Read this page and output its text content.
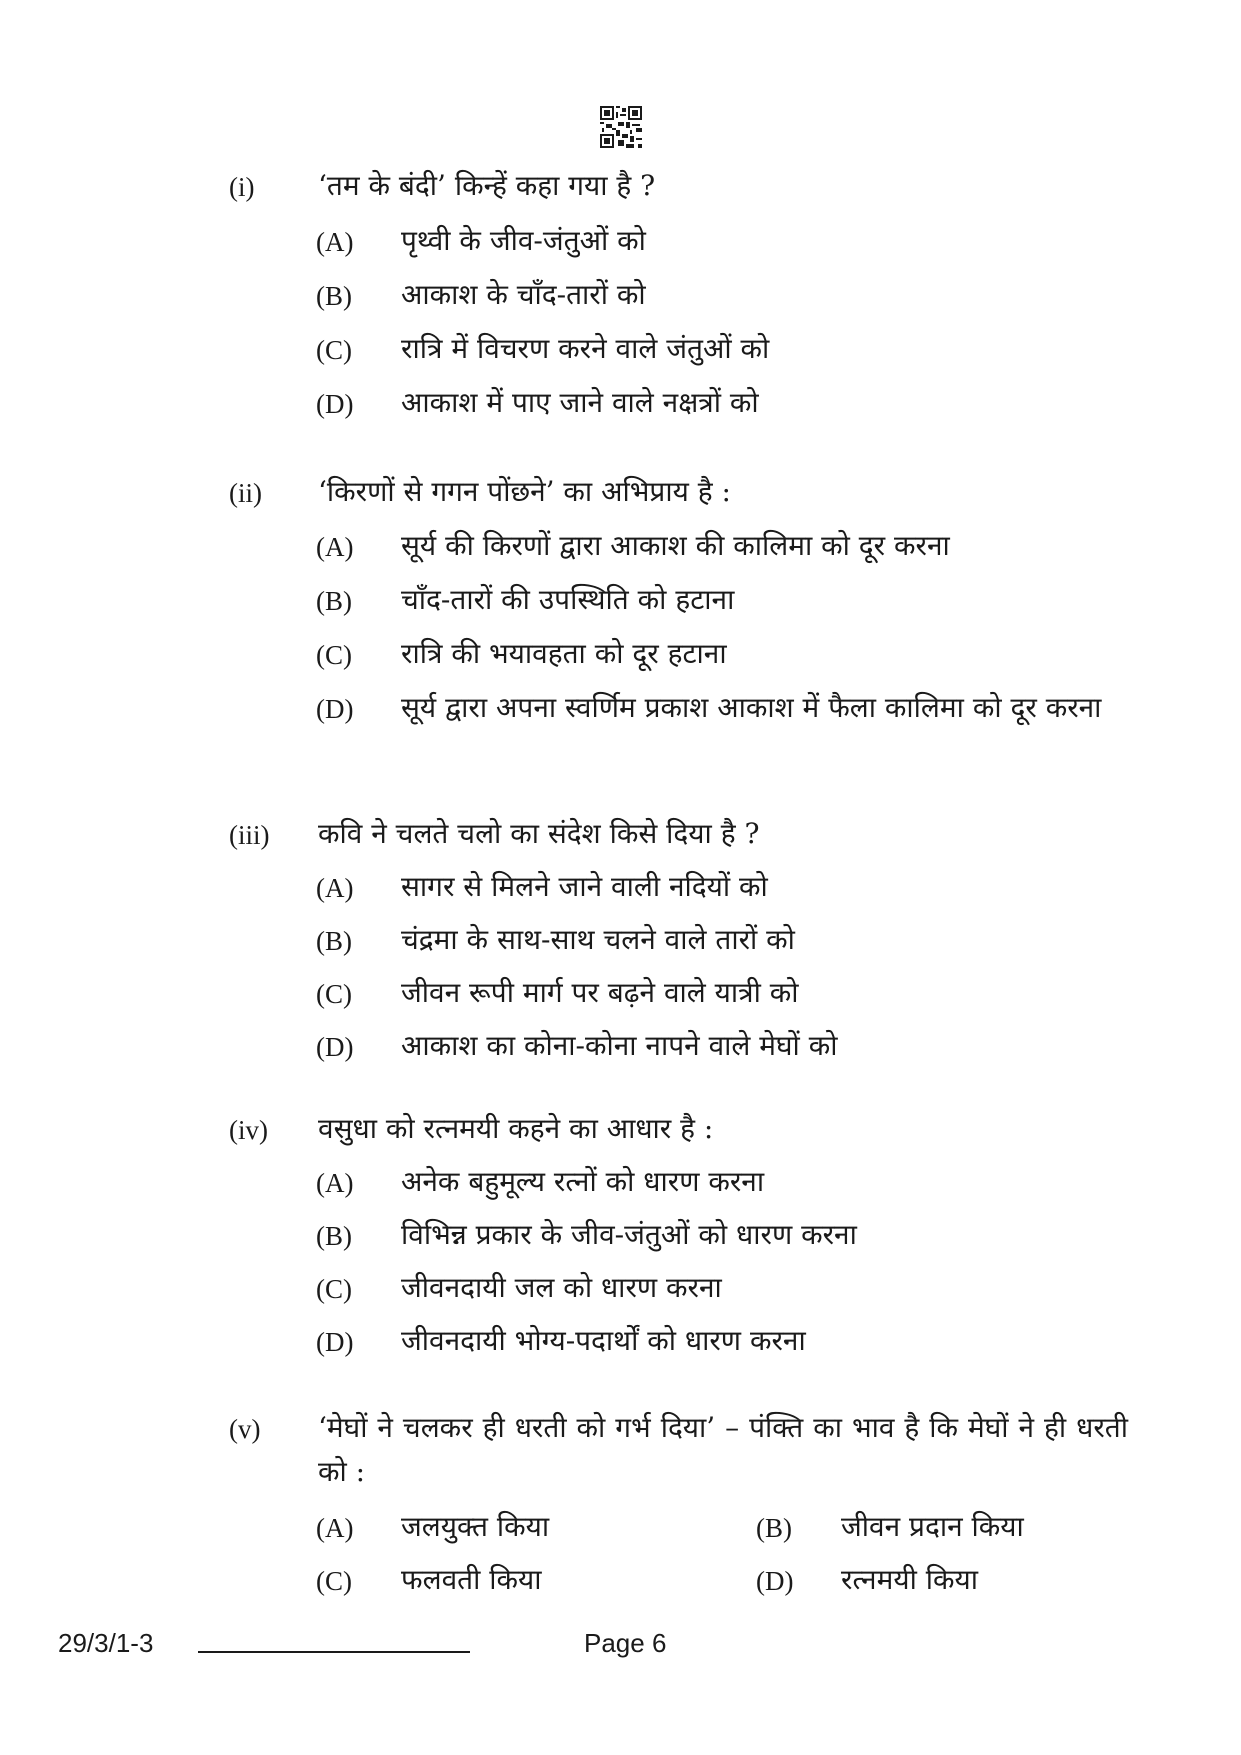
(i) ‘तम के बंदी’ किन्हें कहा गया है ?
(A) पृथ्वी के जीव-जंतुओं को
(B) आकाश के चाँद-तारों को
(C) रात्रि में विचरण करने वाले जंतुओं को
(D) आकाश में पाए जाने वाले नक्षत्रों को
(ii) ‘किरणों से गगन पोंछने’ का अभिप्राय है :
(A) सूर्य की किरणों द्वारा आकाश की कालिमा को दूर करना
(B) चाँद-तारों की उपस्थिति को हटाना
(C) रात्रि की भयावहता को दूर हटाना
(D) सूर्य द्वारा अपना स्वर्णिम प्रकाश आकाश में फैला कालिमा को दूर करना
(iii) कवि ने चलते चलो का संदेश किसे दिया है ?
(A) सागर से मिलने जाने वाली नदियों को
(B) चंद्रमा के साथ-साथ चलने वाले तारों को
(C) जीवन रूपी मार्ग पर बढ़ने वाले यात्री को
(D) आकाश का कोना-कोना नापने वाले मेघों को
(iv) वसुधा को रत्नमयी कहने का आधार है :
(A) अनेक बहुमूल्य रत्नों को धारण करना
(B) विभिन्न प्रकार के जीव-जंतुओं को धारण करना
(C) जीवनदायी जल को धारण करना
(D) जीवनदायी भोग्य-पदार्थों को धारण करना
(v) ‘मेघों ने चलकर ही धरती को गर्भ दिया’ – पंक्ति का भाव है कि मेघों ने ही धरती को :
(A) जलयुक्त किया	(B) जीवन प्रदान किया
(C) फलवती किया	(D) रत्नमयी किया
29/3/1-3	Page 6
